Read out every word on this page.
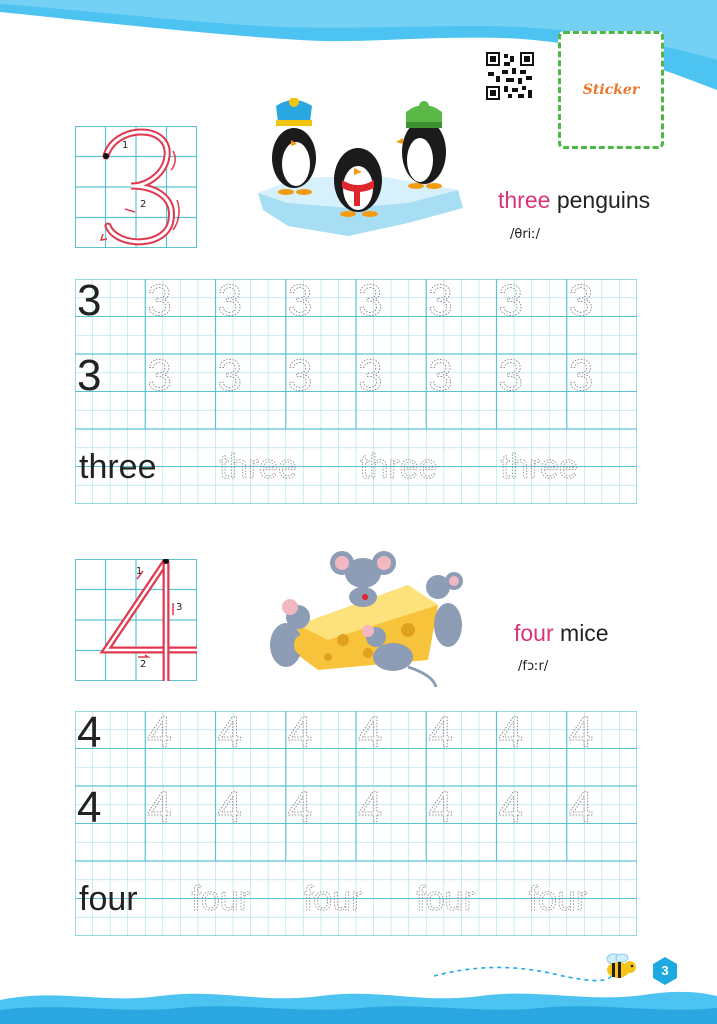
Sticker
1
2	three penguins
/θriː/
3 3 3 3 3 3 3 3
3 3 3 3 3 3 3 3
three three three three
1
2
3
four mice
/fɔːr/
4 4 4 4 4 4 4 4
4 4 4 4 4 4 4 4
four four four four four
3
